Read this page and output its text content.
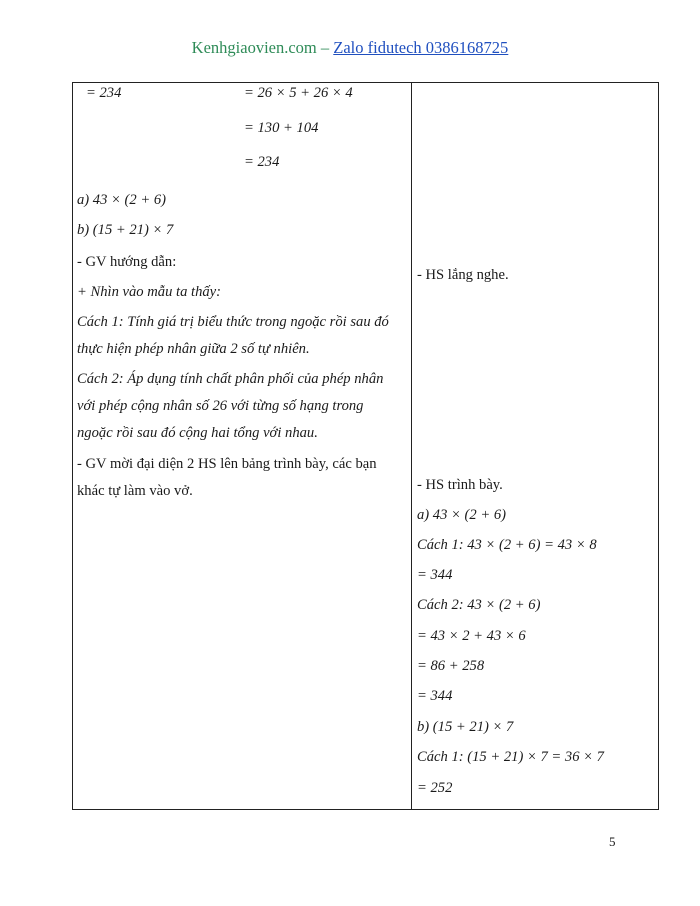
Kenhgiaovien.com – Zalo fidutech 0386168725
= 234	= 26 × 5 + 26 × 4
= 130 + 104
= 234
a) 43 × (2 + 6)
b) (15 + 21) × 7
- GV hướng dẫn:
+ Nhìn vào mẫu ta thấy:
Cách 1: Tính giá trị biểu thức trong ngoặc rồi sau đó
thực hiện phép nhân giữa 2 số tự nhiên.
Cách 2: Áp dụng tính chất phân phối của phép nhân
với phép cộng nhân số 26 với từng số hạng trong
ngoặc rồi sau đó cộng hai tổng với nhau.
- GV mời đại diện 2 HS lên bảng trình bày, các bạn
khác tự làm vào vở.
- HS lắng nghe.
- HS trình bày.
a) 43 × (2 + 6)
Cách 1: 43 × (2 + 6) = 43 × 8
= 344
Cách 2: 43 × (2 + 6)
= 43 × 2 + 43 × 6
= 86 + 258
= 344
b) (15 + 21) × 7
Cách 1: (15 + 21) × 7 = 36 × 7
= 252
5
